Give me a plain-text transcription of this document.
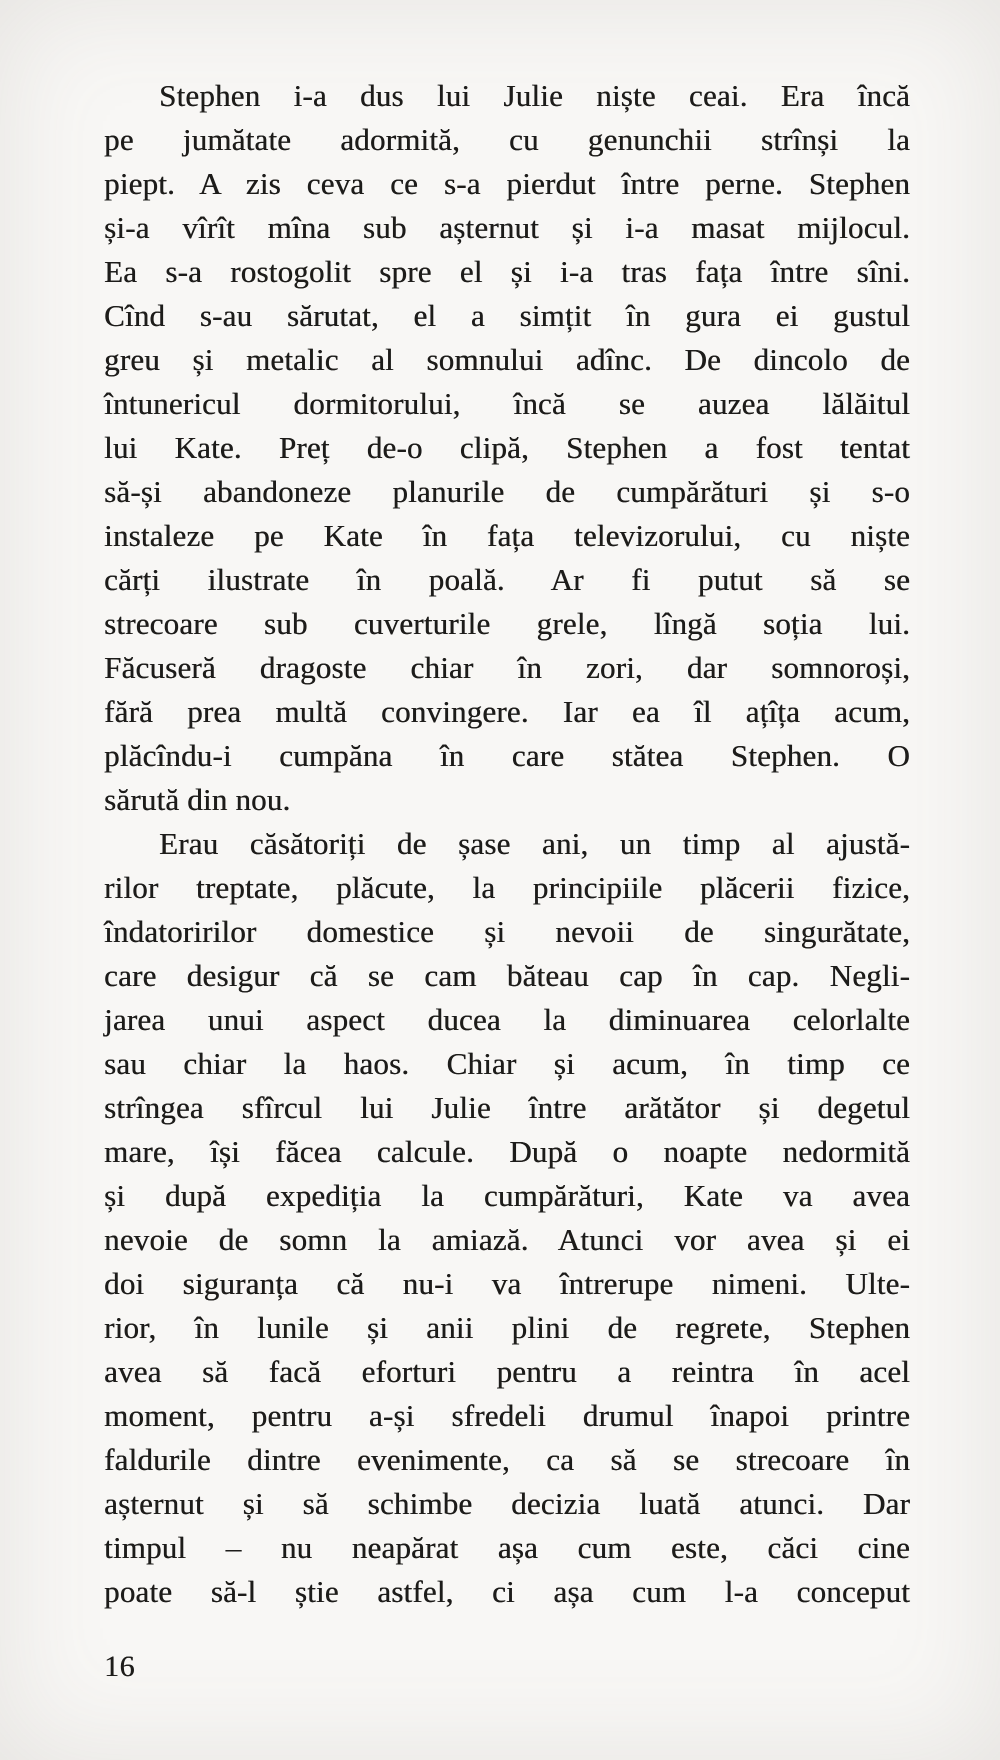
Stephen i-a dus lui Julie niște ceai. Era încă
pe jumătate adormită, cu genunchii strînși la
piept. A zis ceva ce s-a pierdut între perne. Stephen
și-a vîrît mîna sub așternut și i-a masat mijlocul.
Ea s-a rostogolit spre el și i-a tras fața între sîni.
Cînd s-au sărutat, el a simțit în gura ei gustul
greu și metalic al somnului adînc. De dincolo de
întunericul dormitorului, încă se auzea lălăitul
lui Kate. Preț de-o clipă, Stephen a fost tentat
să-și abandoneze planurile de cumpărături și s-o
instaleze pe Kate în fața televizorului, cu niște
cărți ilustrate în poală. Ar fi putut să se
strecoare sub cuverturile grele, lîngă soția lui.
Făcuseră dragoste chiar în zori, dar somnoroși,
fără prea multă convingere. Iar ea îl ațîța acum,
plăcîndu-i cumpăna în care stătea Stephen. O
sărută din nou.
Erau căsătoriți de șase ani, un timp al ajustă-
rilor treptate, plăcute, la principiile plăcerii fizice,
îndatoririlor domestice și nevoii de singurătate,
care desigur că se cam băteau cap în cap. Negli-
jarea unui aspect ducea la diminuarea celorlalte
sau chiar la haos. Chiar și acum, în timp ce
strîngea sfîrcul lui Julie între arătător și degetul
mare, își făcea calcule. După o noapte nedormită
și după expediția la cumpărături, Kate va avea
nevoie de somn la amiază. Atunci vor avea și ei
doi siguranța că nu-i va întrerupe nimeni. Ulte-
rior, în lunile și anii plini de regrete, Stephen
avea să facă eforturi pentru a reintra în acel
moment, pentru a-și sfredeli drumul înapoi printre
faldurile dintre evenimente, ca să se strecoare în
așternut și să schimbe decizia luată atunci. Dar
timpul – nu neapărat așa cum este, căci cine
poate să-l știe astfel, ci așa cum l-a conceput
16
